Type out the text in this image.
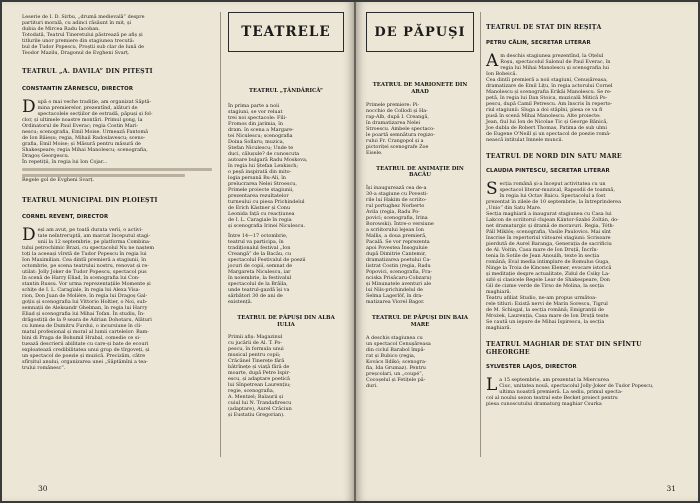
Leserie de I. D. Sirbu, „drumă medievală” despre
partituri morală, cu adinci răsăunt în mit, și
dubia de Mircea Radu Iacoban.
Totodată, Teatrul Tineretului păstrează pe afiș și
titlurile unor premiere din stagiunea trecută:
bul de Tudor Popescu, Proștii sub clar de lună de
Teodor Mazilu, Dragonul de Evgheni Svarț.
TEATRUL „A. DAVILA” DIN PITEȘTI
CONSTANTIN ZĂRNESCU, DIRECTOR
D upă o mai veche tradiție, am organizat Săptă-
mina premierelor, prezentînd, alături de
spectacolele secțiilor de estradă, păpuși și fol-
clor, și ultimele noastre montări. Primul gong, la
Ordinatorul de Paul Everac; regia Costin Mari-
nescu; scenografia, Emil Moise. Urmează Fantomă
de Ion Băieșu; regia, Mihail Radoslavescu; sceno-
grafia, Emil Moise; și Măsură pentru măsură de
Shakespeare; regia Mihai Manolescu; scenografia,
Dragoș Georgescu.
În repetiții, în regia lui Ion Cojar...
Regele gol de Evgheni Svarț.
TEATRUL MUNICIPAL DIN PLOIEȘTI
CORNEL REVENT, DIRECTOR
D eși am avut, pe toată durata verii, o activi-
tate neîntreruptă, am marcat începutul stagi-
unii la 12 septembrie, pe platforma Combina-
tului petrochimic Brazi, cu spectacolul Nu ne naștem
toți la aceeași vîrstă de Tudor Popescu în regia lui
Ion Maximilian. Cea dintîi premieră a stagiunii, în
octombrie, pe scena teatrului nostru, renovat și re-
utilat: Jolly Joker de Tudor Popescu, spectacol pus
în scenă de Harry Eliad, în scenografia lui Con-
stantin Russu. Vor urma reprezentațiile Momente și
schițe de I. L. Caragiale, în regia lui Alexa Visa-
rion, Don Juan de Molière, în regia lui Dragoș Gal-
goțiu și scenografia lui Vittorio Holtier, o Noi, sub-
semnații de Aleksandr Ghelman, în regia lui Harry
Eliad și scenografia lui Mihai Tofan. În studiu, În-
drăgostiții de la 9 seara de Adrian Dohotaru, Alături
cu lumea de Dumitru Furdui, o incursiune în cli-
matul profesional și moral al lumii cartelelor: Bam-
bini di Praga de Bohumil Hrabal, comedie ce si-
tuează descrierii abilitate cu care-și bate de ecouri
exploatează credibilitatea unui grup de tîrgoveți, și
un spectacol de poezie și muzică. Precizăm, către
sfîrșitul anului, organizarea unei „Săptămîni a tea-
trului românesc”.
TEATRELE
TEATRUL „ȚĂNDĂRICĂ”
În prima parte a noii
stagiuni, se vor reluat
trei noi spectacole: Fili-
Fromos din jarimia, în
dram. în scena a Margare-
tei Niculescu; scenografia
Doina Sollaru; muzica,
Ștefan Niculescu; Unde te
duci, călușule? de cunoscuta
autoare bulgară Radu Moskova,
în regia lui Ștefan Lenkisch;
o peșă inspirată din mito-
logia persană Bu-Ali, în
prelucrarea Nelei Stroescu,
Primele proiecte stagiunii,
prezentarea rezultatelor
turneului cu piesa Prichindelul
de Erich Kästner și Conu
Leonida față cu reacțiunea
de I. L. Caragiale în regia
și scenografia Irinei Niculescu.
Între 14—17 octombrie,
teatrul va participa, în
tradiționalul festival „Ion
Creangă” de la Bacău, cu
spectacolul Festivalul de poezii
jocuri de copii, semnat de
Margareta Niculescu, iar
în noiembrie, la festivalul
spectacolul de la Brăila,
unde teatrul-gazdă își va
sărbători 30 de ani de
existență.
TEATRUL DE PĂPUȘI DIN ALBA IULIA
Primii afiș: Magazinul
cu jucării de Al. T. Po-
pescu, în formula unui
musical pentru copii;
Crăcănel Tinerețe fără
bătrînețe și viață fără de
moarte, după Petre Ispir-
escu, și adaptare poetică
lui Sînpetrean Laurențiu;
regie, scenografia,
A. Mentzel; Balaurii și
cuiul lui N. Trandafirescu
(adaptare), Aurel Crăciun
și Eustatiu Gregorian).
30
DE PĂPUȘI
TEATRUL DE MARIONETE DIN ARAD
Primele premiere: Pi-
nocchio de Collodi și Ha-
rap-Alb, după I. Creangă,
în dramatizarea Nelei
Stroescu. Ambele spectaco-
le poartă semnătura regizo-
rului Fr. Crangopol și a
pictoriței scenografe Zoe
Eisele.
TEATRUL DE ANIMAȚIE DIN BACĂU
Își inaugurează cea de-a
30-a stagiune cu Povesti-
rile lui Hakim de scriito-
rul portughez Norberto
Ávila (regia, Radu Po-
povici; scenografia, Irina
Borowski). Între-o versiune
a scriitorului lejean Ion
Mallis, a doua premieră,
Pacală. Se vor reprezenta
apoi Povestea Însoguluie
după Dimitrie Cantemir,
dramatizarea poetului Ca-
listrat Costin (regia, Radu
Popovici, scenografia, Fra-
nciska Prisăcaru-Cobzaru)
și Minunatele aventuri ale
lui Nils-prichindelul de
Selma Lagerlöf, în dra-
matizarea Viorel Bagor.
TEATRUL DE PĂPUȘI DIN BAIA MARE
A deschis stagiunea cu
un spectacol Cenușăreasa
din ciclul Barabol împă-
rat și Bubico (regia,
Kovács Ildikó; scenogra-
fia, Ida Grumaz). Pentru
preșcolari, un „coupé”,
Cocoșelul și Fetițele pă-
duri.
TEATRUL DE STAT DIN REȘIȚA
PETRU CĂLIN, SECRETAR LITERAR
A m deschis stagiunea prezentînd, la Oțelul
Roșu, spectacolul Salonul de Paul Everac, în
regia lui Mihai Manolescu și scenografia lui
Ion Bobeică.
Cea dintîi premieră a noii stagiuni, Cenușăreasa,
dramatizare de Emil Lițu, în regia actorului Cornel
Manolescu și scenografia Erikăi Manolescu. Se re-
petă, în regia lui Dan Stoica, muzicală Mitică Po-
pescu, după Camil Petrescu. Am înscris în reperto-
riul stagiunii: Sluga a doi stăpîni, piesa ce va fi
pusă în scenă Mihai Manolescu. Alte proiecte:
Jean, fiul lui Ion de Nicolae Tic și George Bănică,
Joe dubla de Robert Thomas, Patima de sub ulmi
de Eugene O'Neill și un spectacol de poezie româ-
nească intitulat Imnele muncii.
TEATRUL DE NORD DIN SATU MARE
CLAUDIA PINTESCU, SECRETAR LITERAR
S ecția română și-a început activitatea cu un
spectacol literar-muzical, Rapsodii de toamnă,
în regia lui Octav Baicu. Spectacolul a fost
prezentat în zilele de 10 septembrie, la întreprinderea
„Unio” din Satu Mare.
Secția maghiară a inaugurat stagiunea cu Casa lui
Lakcon de scriitorul clujean Kántor-Szabó Zoltán, do-
net dramaturgic și dramă de moravuri. Regia, Tóth-
Páll Miklós; scenografia, Vasile Paulovics. Mai sînt
înscrise în repertoriul viitoarei stagiuni: Scrisoare
pierdută de Aurel Baranga, Generația de sacrificiu
de Al. Voitin, Casa mare de Ion Druță, Încrîn-
tenia în Sotile de Jean Anouilh, texte în secția
română; Eval media intimplare de Romulus Guga,
Ninge la Troia de Kincses Elemer, evocare istorică
și meditație despre actualitate, Zidul de Csiky La-
szló și clasicele Regele Lear de Shakespeare, Don
Gil de cizme verde de Tirso de Molina, la secția
maghiară.
Teatru afiliat Studio, ne-am propus următoa-
rele titluri: Există nervi de Marin Sorescu, Tigrul
de M. Schisgal, la secția română; Emigranții de
Mrożek, Laurenția, Casa mare de Ion Druță texte
Se caută un iepure de Mihai Ispirescu, la secția
maghiară.
TEATRUL MAGHIAR DE STAT DIN SFÎNTU GHEORGHE
SYLVESTER LAJOS, DIRECTOR
L a 15 septembrie, am prezentat la Miercurea
Ciuc, unitatea nouă, spectacolul Jolly-Joker de Tudor Popescu,
ultima noastră premieră. La sediu, primul specta-
col al noului sezon teatral este Becket proiect pentru
piesa cunoscutului dramaturg maghiar Csurka
31
